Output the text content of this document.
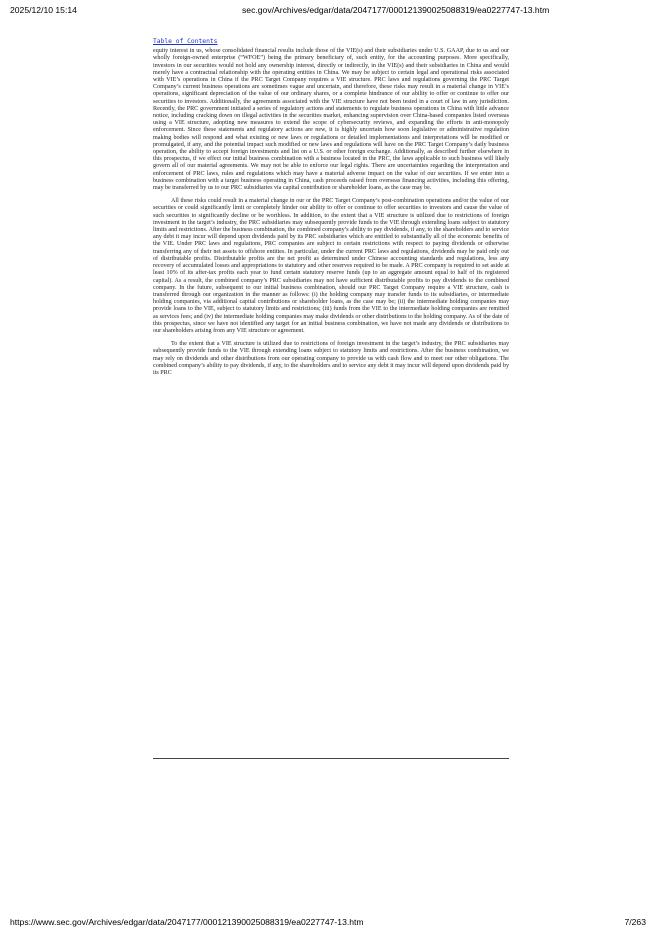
2025/12/10 15:14	sec.gov/Archives/edgar/data/2047177/000121390025088319/ea0227747-13.htm
Table of Contents

equity interest in us, whose consolidated financial results include those of the VIE(s) and their subsidiaries under U.S. GAAP, due to us and our wholly foreign-owned enterprise (“WFOE”) being the primary beneficiary of, such entity, for the accounting purposes. More specifically, investors in our securities would not hold any ownership interest, directly or indirectly, in the VIE(s) and their subsidiaries in China and would merely have a contractual relationship with the operating entities in China. We may be subject to certain legal and operational risks associated with VIE’s operations in China if the PRC Target Company requires a VIE structure. PRC laws and regulations governing the PRC Target Company’s current business operations are sometimes vague and uncertain, and therefore, these risks may result in a material change in VIE’s operations, significant depreciation of the value of our ordinary shares, or a complete hindrance of our ability to offer or continue to offer our securities to investors. Additionally, the agreements associated with the VIE structure have not been tested in a court of law in any jurisdiction. Recently, the PRC government initiated a series of regulatory actions and statements to regulate business operations in China with little advance notice, including cracking down on illegal activities in the securities market, enhancing supervision over China-based companies listed overseas using a VIE structure, adopting new measures to extend the scope of cybersecurity reviews, and expanding the efforts in anti-monopoly enforcement. Since these statements and regulatory actions are new, it is highly uncertain how soon legislative or administrative regulation making bodies will respond and what existing or new laws or regulations or detailed implementations and interpretations will be modified or promulgated, if any, and the potential impact such modified or new laws and regulations will have on the PRC Target Company’s daily business operation, the ability to accept foreign investments and list on a U.S. or other foreign exchange. Additionally, as described further elsewhere in this prospectus, if we effect our initial business combination with a business located in the PRC, the laws applicable to such business will likely govern all of our material agreements. We may not be able to enforce our legal rights. There are uncertainties regarding the interpretation and enforcement of PRC laws, rules and regulations which may have a material adverse impact on the value of our securities. If we enter into a business combination with a target business operating in China, cash proceeds raised from overseas financing activities, including this offering, may be transferred by us to our PRC subsidiaries via capital contribution or shareholder loans, as the case may be.

All these risks could result in a material change in our or the PRC Target Company’s post-combination operations and/or the value of our securities or could significantly limit or completely hinder our ability to offer or continue to offer securities to investors and cause the value of such securities to significantly decline or be worthless. In addition, to the extent that a VIE structure is utilized due to restrictions of foreign investment in the target’s industry, the PRC subsidiaries may subsequently provide funds to the VIE through extending loans subject to statutory limits and restrictions. After the business combination, the combined company’s ability to pay dividends, if any, to the shareholders and to service any debt it may incur will depend upon dividends paid by its PRC subsidiaries which are entitled to substantially all of the economic benefits of the VIE. Under PRC laws and regulations, PRC companies are subject to certain restrictions with respect to paying dividends or otherwise transferring any of their net assets to offshore entities. In particular, under the current PRC laws and regulations, dividends may be paid only out of distributable profits. Distributable profits are the net profit as determined under Chinese accounting standards and regulations, less any recovery of accumulated losses and appropriations to statutory and other reserves required to be made. A PRC company is required to set aside at least 10% of its after-tax profits each year to fund certain statutory reserve funds (up to an aggregate amount equal to half of its registered capital). As a result, the combined company’s PRC subsidiaries may not have sufficient distributable profits to pay dividends to the combined company. In the future, subsequent to our initial business combination, should our PRC Target Company require a VIE structure, cash is transferred through our organization in the manner as follows: (i) the holding company may transfer funds to its subsidiaries, or intermediate holding companies, via additional capital contributions or shareholder loans, as the case may be; (ii) the intermediate holding companies may provide loans to the VIE, subject to statutory limits and restrictions; (iii) funds from the VIE to the intermediate holding companies are remitted as services fees; and (iv) the intermediate holding companies may make dividends or other distributions to the holding company. As of the date of this prospectus, since we have not identified any target for an initial business combination, we have not made any dividends or distributions to our shareholders arising from any VIE structure or agreement.

To the extent that a VIE structure is utilized due to restrictions of foreign investment in the target’s industry, the PRC subsidiaries may subsequently provide funds to the VIE through extending loans subject to statutory limits and restrictions. After the business combination, we may rely on dividends and other distributions from our operating company to provide us with cash flow and to meet our other obligations. The combined company’s ability to pay dividends, if any, to the shareholders and to service any debt it may incur will depend upon dividends paid by its PRC

https://www.sec.gov/Archives/edgar/data/2047177/000121390025088319/ea0227747-13.htm	7/263
